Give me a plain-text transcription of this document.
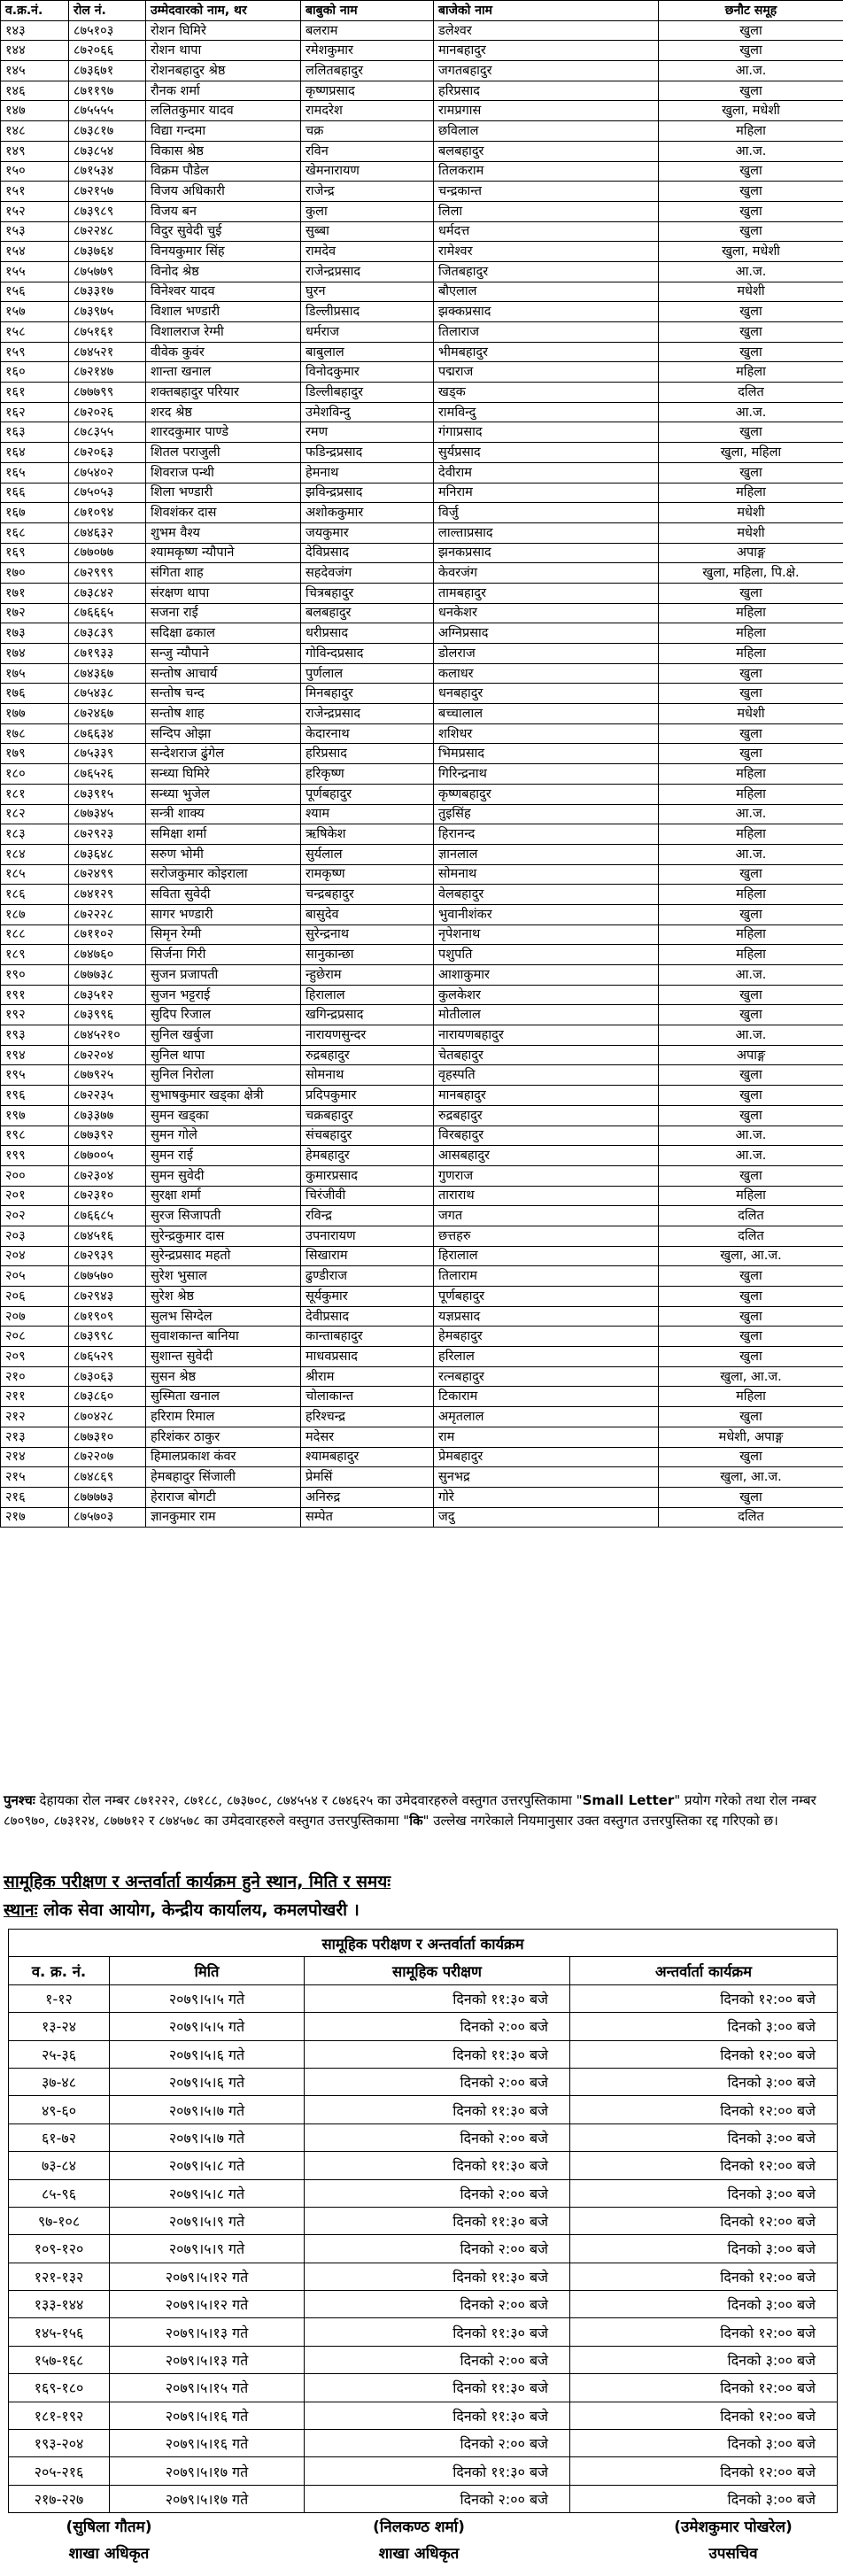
व.क्र.नं.	रोल नं.	उम्मेदवारको नाम, थर	बाबुको नाम	बाजेको नाम	छनौट समूह
१४३	८७५१०३	रोशन घिमिरे	बलराम	डलेश्वर	खुला
१४४	८७२०६६	रोशन थापा	रमेशकुमार	मानबहादुर	खुला
१४५	८७३६७१	रोशनबहादुर श्रेष्ठ	ललितबहादुर	जगतबहादुर	आ.ज.
१४६	८७११९७	रौनक शर्मा	कृष्णप्रसाद	हरिप्रसाद	खुला
१४७	८७५५५५	ललितकुमार यादव	रामदरेश	रामप्रगास	खुला, मधेशी
१४८	८७३८१७	विद्या गन्दमा	चक्र	छविलाल	महिला
१४९	८७३८५४	विकास श्रेष्ठ	रविन	बलबहादुर	आ.ज.
१५०	८७१५३४	विक्रम पौडेल	खेमनारायण	तिलकराम	खुला
१५१	८७२१५७	विजय अधिकारी	राजेन्द्र	चन्द्रकान्त	खुला
१५२	८७३९८९	विजय बन	कुला	लिला	खुला
१५३	८७२२४८	विदुर सुवेदी चुई	सुब्बा	धर्मदत्त	खुला
१५४	८७३७६४	विनयकुमार सिंह	रामदेव	रामेश्वर	खुला, मधेशी
१५५	८७५७७९	विनोद श्रेष्ठ	राजेन्द्रप्रसाद	जितबहादुर	आ.ज.
१५६	८७३३१७	विनेश्वर यादव	घुरन	बौएलाल	मधेशी
१५७	८७३९७५	विशाल भण्डारी	डिल्लीप्रसाद	झक्कप्रसाद	खुला
१५८	८७५१६१	विशालराज रेग्मी	धर्मराज	तिलाराज	खुला
१५९	८७४५२१	वीवेक कुवंर	बाबुलाल	भीमबहादुर	खुला
१६०	८७२१४७	शान्ता खनाल	विनोदकुमार	पद्मराज	महिला
१६१	८७७७९९	शक्तबहादुर परियार	डिल्लीबहादुर	खड्क	दलित
१६२	८७२०२६	शरद श्रेष्ठ	उमेशविन्दु	रामविन्दु	आ.ज.
१६३	८७८३५५	शारदकुमार पाण्डे	रमण	गंगाप्रसाद	खुला
१६४	८७२०६३	शितल पराजुली	फडिन्द्रप्रसाद	सुर्यप्रसाद	खुला, महिला
१६५	८७५४०२	शिवराज पन्थी	हेमनाथ	देवीराम	खुला
१६६	८७५०५३	शिला भण्डारी	झविन्द्रप्रसाद	मनिराम	महिला
१६७	८७१०९४	शिवशंकर दास	अशोककुमार	विर्जु	मधेशी
१६८	८७४६३२	शुभम वैश्य	जयकुमार	लाल्ताप्रसाद	मधेशी
१६९	८७७०७७	श्यामकृष्ण न्यौपाने	देविप्रसाद	झनकप्रसाद	अपाङ्ग
१७०	८७२९९९	संगिता शाह	सहदेवजंग	केवरजंग	खुला, महिला, पि.क्षे.
१७१	८७३८४२	संरक्षण थापा	चित्रबहादुर	तामबहादुर	खुला
१७२	८७६६६५	सजना राई	बलबहादुर	धनकेशर	महिला
१७३	८७३८३९	सदिक्षा ढकाल	धरीप्रसाद	अग्निप्रसाद	महिला
१७४	८७१९३३	सन्जु न्यौपाने	गोविन्दप्रसाद	डोलराज	महिला
१७५	८७४३६७	सन्तोष आचार्य	पुर्णलाल	कलाधर	खुला
१७६	८७५४३८	सन्तोष चन्द	मिनबहादुर	धनबहादुर	खुला
१७७	८७२४६७	सन्तोष शाह	राजेन्द्रप्रसाद	बच्चालाल	मधेशी
१७८	८७६६३४	सन्दिप ओझा	केदारनाथ	शशिधर	खुला
१७९	८७५३३९	सन्देशराज ढुंगेल	हरिप्रसाद	भिमप्रसाद	खुला
१८०	८७६५२६	सन्ध्या घिमिरे	हरिकृष्ण	गिरिन्द्रनाथ	महिला
१८१	८७३९१५	सन्ध्या भुजेल	पूर्णबहादुर	कृष्णबहादुर	महिला
१८२	८७७३४५	सन्त्री शाक्य	श्याम	तुइसिंह	आ.ज.
१८३	८७२९२३	समिक्षा शर्मा	ऋषिकेश	हिरानन्द	महिला
१८४	८७३६४८	सरुण भोमी	सुर्यलाल	ज्ञानलाल	आ.ज.
१८५	८७२४९९	सरोजकुमार कोइराला	रामकृष्ण	सोमनाथ	खुला
१८६	८७४१२९	सविता सुवेदी	चन्द्रबहादुर	वेलबहादुर	महिला
१८७	८७२२२८	सागर भण्डारी	बासुदेव	भुवानीशंकर	खुला
१८८	८७११०२	सिमृन रेग्मी	सुरेन्द्रनाथ	नृपेशनाथ	महिला
१८९	८७४७६०	सिर्जना गिरी	सानुकान्छा	पशुपति	महिला
१९०	८७७७३८	सुजन प्रजापती	न्हुछेराम	आशाकुमार	आ.ज.
१९१	८७३५१२	सुजन भट्टराई	हिरालाल	कुलकेशर	खुला
१९२	८७३९९६	सुदिप रिजाल	खगिन्द्रप्रसाद	मोतीलाल	खुला
१९३	८७४५२१०	सुनिल खर्बुजा	नारायणसुन्दर	नारायणबहादुर	आ.ज.
१९४	८७२२०४	सुनिल थापा	रुद्रबहादुर	चेतबहादुर	अपाङ्ग
१९५	८७७९२५	सुनिल निरोला	सोमनाथ	वृहस्पति	खुला
१९६	८७२२३५	सुभाषकुमार खड्का क्षेत्री	प्रदिपकुमार	मानबहादुर	खुला
१९७	८७३३७७	सुमन खड्का	चक्रबहादुर	रुद्रबहादुर	खुला
१९८	८७७३९२	सुमन गोले	संचबहादुर	विरबहादुर	आ.ज.
१९९	८७७००५	सुमन राई	हेमबहादुर	आसबहादुर	आ.ज.
२००	८७२३०४	सुमन सुवेदी	कुमारप्रसाद	गुणराज	खुला
२०१	८७२३१०	सुरक्षा शर्मा	चिरंजीवी	ताराराथ	महिला
२०२	८७६६८५	सुरज सिजापती	रविन्द्र	जगत	दलित
२०३	८७४५१६	सुरेन्द्रकुमार दास	उपनारायण	छत्तहरु	दलित
२०४	८७२९३९	सुरेन्द्रप्रसाद महतो	सिखाराम	हिरालाल	खुला, आ.ज.
२०५	८७७५७०	सुरेश भुसाल	ढुण्डीराज	तिलाराम	खुला
२०६	८७२९४३	सुरेश श्रेष्ठ	सूर्यकुमार	पूर्णबहादुर	खुला
२०७	८७१९०९	सुलभ सिग्देल	देवीप्रसाद	यज्ञप्रसाद	खुला
२०८	८७३९९८	सुवाशकान्त बानिया	कान्ताबहादुर	हेमबहादुर	खुला
२०९	८७६५२९	सुशान्त सुवेदी	माधवप्रसाद	हरिलाल	खुला
२१०	८७३०६३	सुसन श्रेष्ठ	श्रीराम	रत्नबहादुर	खुला, आ.ज.
२११	८७३८६०	सुस्मिता खनाल	चोलाकान्त	टिकाराम	महिला
२१२	८७०४२८	हरिराम रिमाल	हरिश्चन्द्र	अमृतलाल	खुला
२१३	८७७३१०	हरिशंकर ठाकुर	मदेसर	राम	मधेशी, अपाङ्ग
२१४	८७२२०७	हिमालप्रकाश कंवर	श्यामबहादुर	प्रेमबहादुर	खुला
२१५	८७४८६९	हेमबहादुर सिंजाली	प्रेमसिं	सुनभद्र	खुला, आ.ज.
२१६	८७७७७३	हेराराज बोगटी	अनिरुद्र	गोरे	खुला
२१७	८७५७०३	ज्ञानकुमार राम	सम्पेत	जदु	दलित
पुनश्चः देहायका रोल नम्बर ८७१२२२, ८७१८८, ८७३७०८, ८७४५५४ र ८७४६२५ का उमेदवारहरुले वस्तुगत उत्तरपुस्तिकामा "Small Letter" प्रयोग गरेको तथा रोल नम्बर ८७०९७०, ८७३१२४, ८७७७१२ र ८७४५७८ का उमेदवारहरुले वस्तुगत उत्तरपुस्तिकामा "कि" उल्लेख नगरेकाले नियमानुसार उक्त वस्तुगत उत्तरपुस्तिका रद्द गरिएको छ।
सामूहिक परीक्षण र अन्तर्वार्ता कार्यक्रम हुने स्थान, मिति र समयः
स्थानः लोक सेवा आयोग, केन्द्रीय कार्यालय, कमलपोखरी ।
सामूहिक परीक्षण र अन्तर्वार्ता कार्यक्रम			
व. क्र. नं.	मिति	सामूहिक परीक्षण	अन्तर्वार्ता कार्यक्रम
१-१२	२०७९।५।५ गते	दिनको ११:३० बजे	दिनको १२:०० बजे
१३-२४	२०७९।५।५ गते	दिनको २:०० बजे	दिनको ३:०० बजे
२५-३६	२०७९।५।६ गते	दिनको ११:३० बजे	दिनको १२:०० बजे
३७-४८	२०७९।५।६ गते	दिनको २:०० बजे	दिनको ३:०० बजे
४९-६०	२०७९।५।७ गते	दिनको ११:३० बजे	दिनको १२:०० बजे
६१-७२	२०७९।५।७ गते	दिनको २:०० बजे	दिनको ३:०० बजे
७३-८४	२०७९।५।८ गते	दिनको ११:३० बजे	दिनको १२:०० बजे
८५-९६	२०७९।५।८ गते	दिनको २:०० बजे	दिनको ३:०० बजे
९७-१०८	२०७९।५।९ गते	दिनको ११:३० बजे	दिनको १२:०० बजे
१०९-१२०	२०७९।५।९ गते	दिनको २:०० बजे	दिनको ३:०० बजे
१२१-१३२	२०७९।५।१२ गते	दिनको ११:३० बजे	दिनको १२:०० बजे
१३३-१४४	२०७९।५।१२ गते	दिनको २:०० बजे	दिनको ३:०० बजे
१४५-१५६	२०७९।५।१३ गते	दिनको ११:३० बजे	दिनको १२:०० बजे
१५७-१६८	२०७९।५।१३ गते	दिनको २:०० बजे	दिनको ३:०० बजे
१६९-१८०	२०७९।५।१५ गते	दिनको ११:३० बजे	दिनको १२:०० बजे
१८१-१९२	२०७९।५।१६ गते	दिनको ११:३० बजे	दिनको १२:०० बजे
१९३-२०४	२०७९।५।१६ गते	दिनको २:०० बजे	दिनको ३:०० बजे
२०५-२१६	२०७९।५।१७ गते	दिनको ११:३० बजे	दिनको १२:०० बजे
२१७-२२७	२०७९।५।१७ गते	दिनको २:०० बजे	दिनको ३:०० बजे
(सुषिला गौतम)
शाखा अधिकृत
(निलकण्ठ शर्मा)
शाखा अधिकृत
(उमेशकुमार पोखरेल)
उपसचिव
